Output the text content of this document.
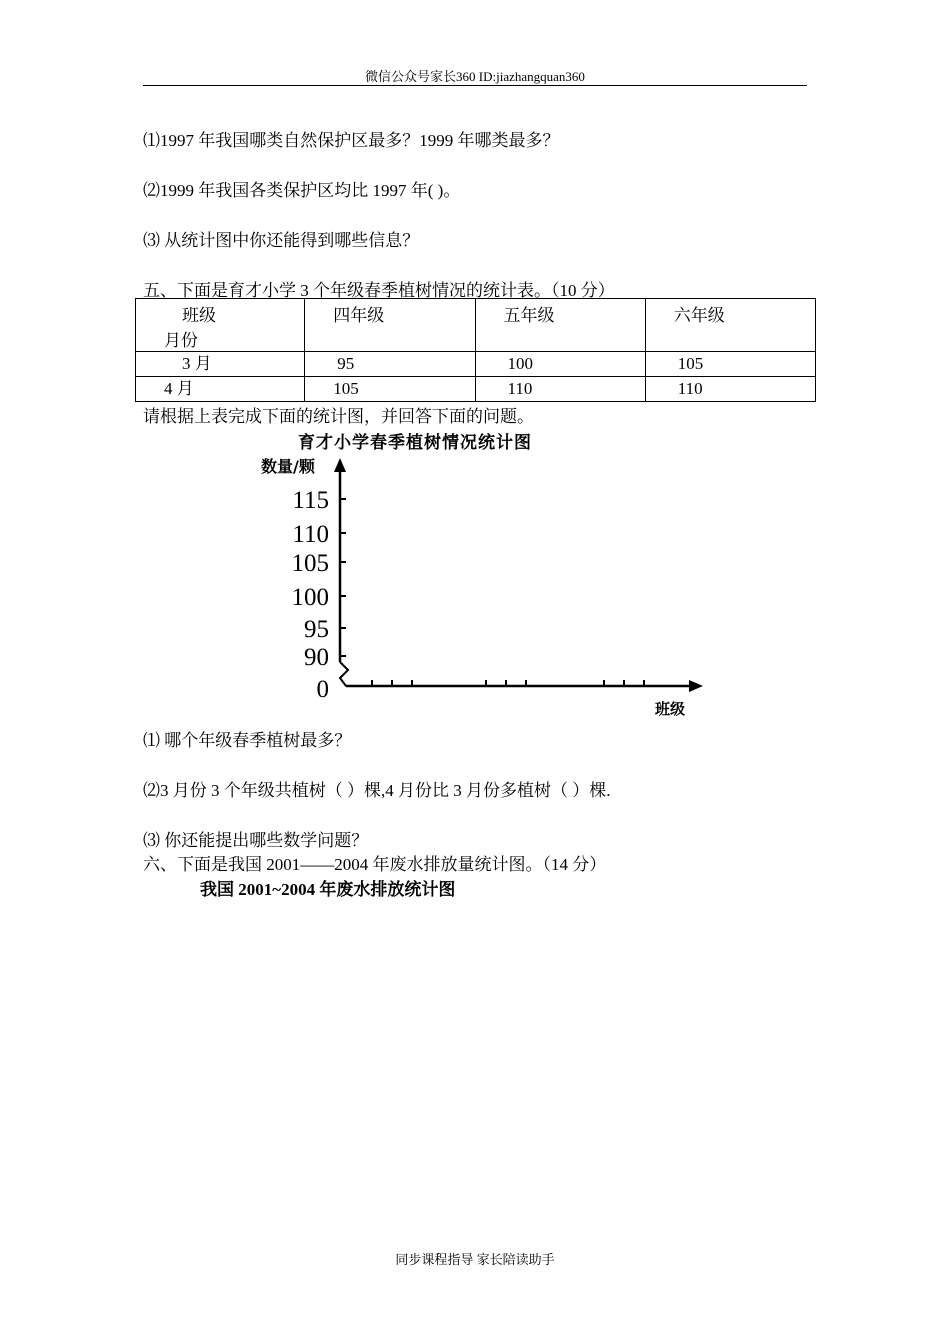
微信公众号家长360 ID:jiazhangquan360
⑴1997 年我国哪类自然保护区最多？1999 年哪类最多？
⑵1999 年我国各类保护区均比 1997 年( )。
⑶ 从统计图中你还能得到哪些信息？
五、下面是育才小学 3 个年级春季植树情况的统计表。（10 分）
班级
月份	四年级	五年级	六年级

3 月	95	100	105

4 月	105	110	110
请根据上表完成下面的统计图，并回答下面的问题。
育才小学春季植树情况统计图
数量/颗
115
110
105
100
95
90
0
班级
⑴ 哪个年级春季植树最多？
⑵3 月份 3 个年级共植树（ ）棵,4 月份比 3 月份多植树（ ）棵.
⑶ 你还能提出哪些数学问题？
六、下面是我国 2001——2004 年废水排放量统计图。（14 分）
我国 2001~2004 年废水排放统计图
同步课程指导 家长陪读助手
